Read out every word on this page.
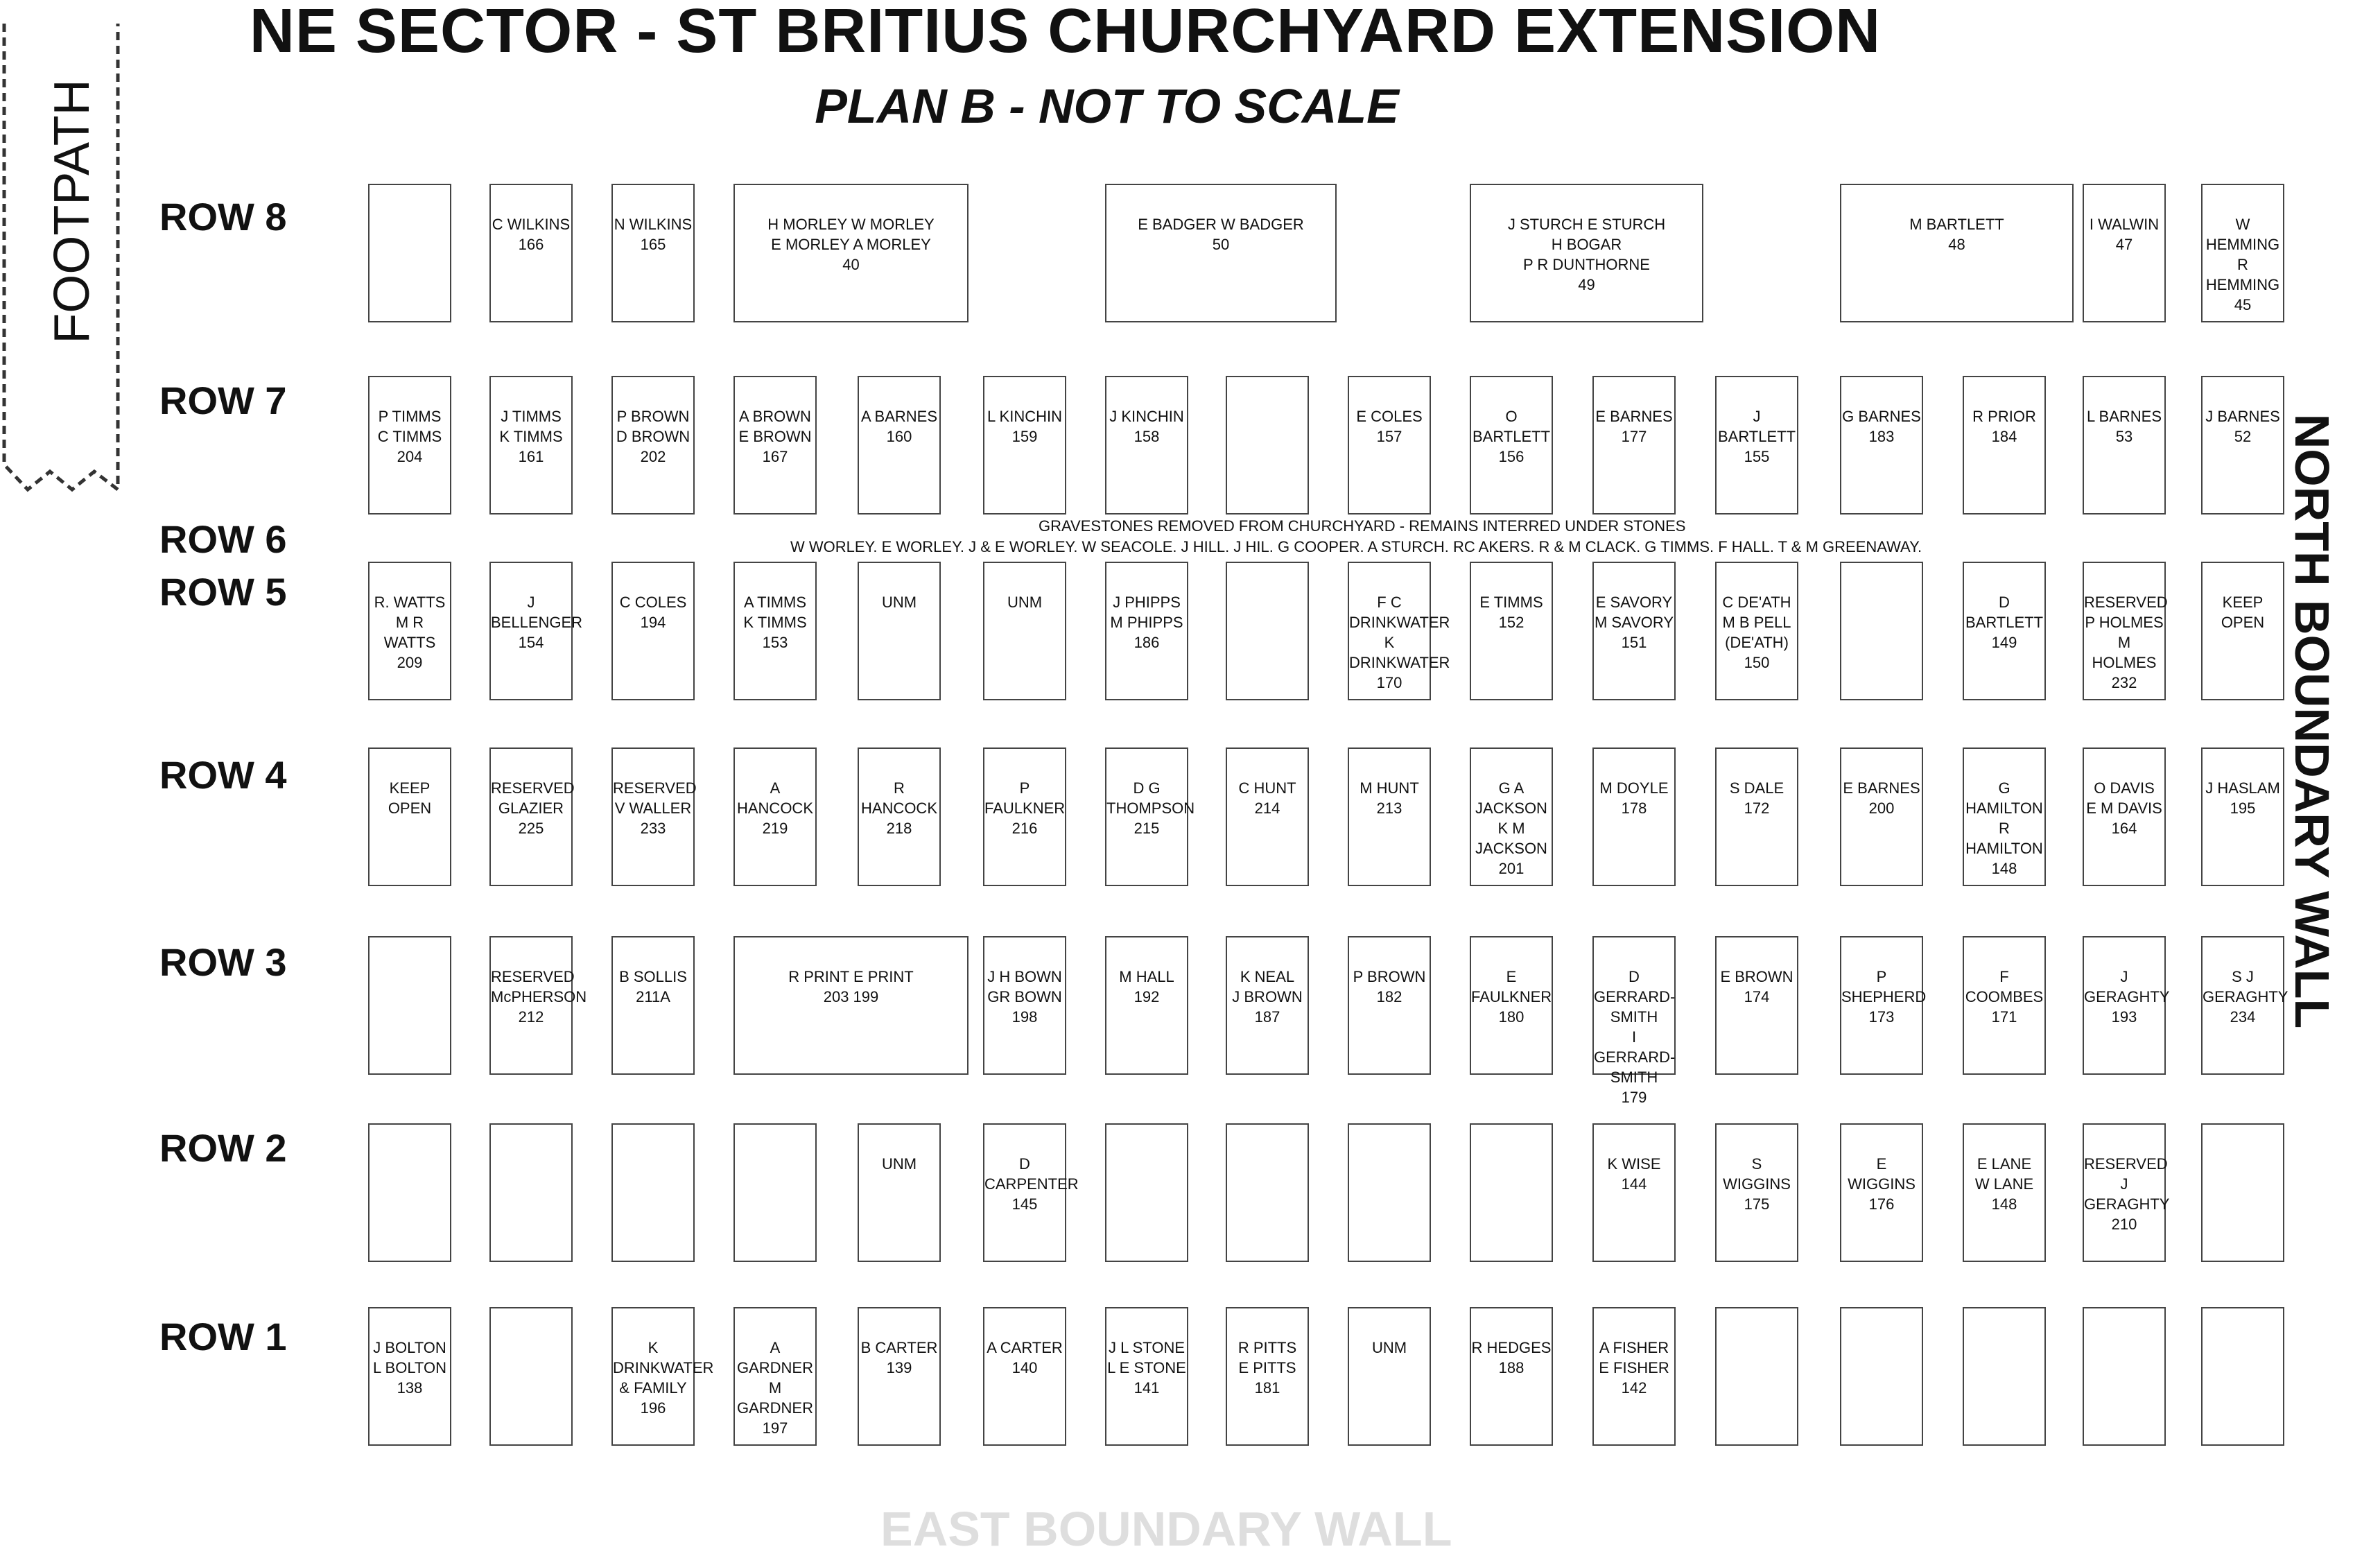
NE SECTOR - ST BRITIUS CHURCHYARD EXTENSION
PLAN B - NOT TO SCALE
FOOTPATH
NORTH BOUNDARY WALL
EAST BOUNDARY WALL
GRAVESTONES REMOVED FROM CHURCHYARD - REMAINS INTERRED UNDER STONES
W WORLEY. E WORLEY. J & E WORLEY. W SEACOLE. J HILL. J HIL. G COOPER. A STURCH. RC AKERS. R & M CLACK. G TIMMS. F HALL. T & M GREENAWAY.
ROW 8	C WILKINS
166
N WILKINS
165
H MORLEY W MORLEY
E MORLEY A MORLEY
40
E BADGER W BADGER
50
J STURCH E STURCH
H BOGAR
P R DUNTHORNE
49
M BARTLETT
48
I WALWIN
47
W HEMMING
R HEMMING
45
ROW 7	P TIMMS
C TIMMS
204
J TIMMS
K TIMMS
161
P BROWN
D BROWN
202
A BROWN
E BROWN
167
A BARNES
160
L KINCHIN
159
J KINCHIN
158
E COLES
157
O BARTLETT
156
E BARNES
177
J BARTLETT
155
G BARNES
183
R PRIOR
184
L BARNES
53
J BARNES
52
ROW 6
ROW 5	R. WATTS
M R WATTS
209
J BELLENGER
154
C COLES
194
A TIMMS
K TIMMS
153
UNM	UNM	J PHIPPS
M PHIPPS
186
F C DRINKWATER
K DRINKWATER
170
E TIMMS
152
E SAVORY
M SAVORY
151
C DE'ATH
M B PELL
(DE'ATH)
150
D BARTLETT
149
RESERVED
P HOLMES
M HOLMES
232
KEEP
OPEN
ROW 4	KEEP
OPEN
RESERVED
GLAZIER
225
RESERVED
V WALLER
233
A HANCOCK
219
R HANCOCK
218
P FAULKNER
216
D G THOMPSON
215
C HUNT
214
M HUNT
213
G A JACKSON
K M JACKSON
201
M DOYLE
178
S DALE
172
E BARNES
200
G HAMILTON
R HAMILTON
148
O DAVIS
E M DAVIS
164
J HASLAM
195
ROW 3	RESERVED
McPHERSON
212
B SOLLIS
211A
R PRINT E PRINT
203 199
J H BOWN
GR BOWN
198
M HALL
192
K NEAL
J BROWN
187
P BROWN
182
E FAULKNER
180
D GERRARD-SMITH
I GERRARD-SMITH
179
E BROWN
174
P SHEPHERD
173
F COOMBES
171
J GERAGHTY
193
S J GERAGHTY
234
ROW 2	UNM	D CARPENTER
145
K WISE
144
S WIGGINS
175
E WIGGINS
176
E LANE
W LANE
148
RESERVED
J GERAGHTY
210
ROW 1	J BOLTON
L BOLTON
138
K DRINKWATER
& FAMILY
196
A GARDNER
M GARDNER
197
B CARTER
139
A CARTER
140
J L STONE
L E STONE
141
R PITTS
E PITTS
181
UNM	R HEDGES
188
A FISHER
E FISHER
142
